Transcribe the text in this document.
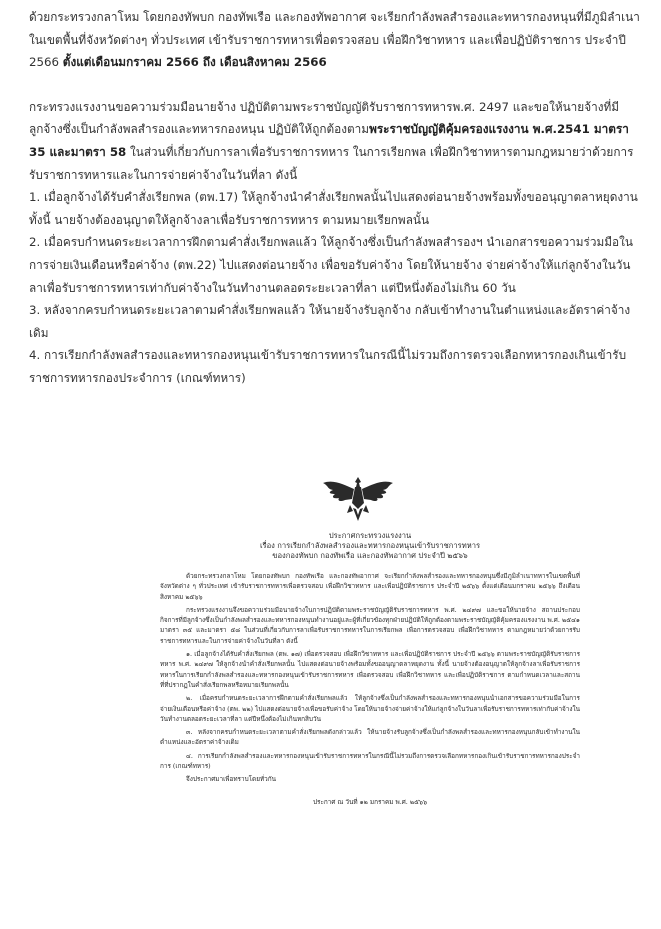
ด้วยกระทรวงกลาโหม โดยกองทัพบก กองทัพเรือ และกองทัพอากาศ จะเรียกกำลังพลสำรองและทหารกองหนุนที่มีภูมิลำเนาในเขตพื้นที่จังหวัดต่างๆ ทั่วประเทศ เข้ารับราชการทหารเพื่อตรวจสอบ เพื่อฝึกวิชาทหาร และเพื่อปฏิบัติราชการ ประจำปี 2566 ตั้งแต่เดือนมกราคม 2566 ถึง เดือนสิงหาคม 2566

กระทรวงแรงงานขอความร่วมมือนายจ้าง ปฏิบัติตามพระราชบัญญัติรับราชการทหารพ.ศ. 2497 และขอให้นายจ้างที่มีลูกจ้างซึ่งเป็นกำลังพลสำรองและทหารกองหนุน ปฏิบัติให้ถูกต้องตามพระราชบัญญัติคุ้มครองแรงงาน พ.ศ.2541 มาตรา 35 และมาตรา 58 ในส่วนที่เกี่ยวกับการลาเพื่อรับราชการทหาร ในการเรียกพล เพื่อฝึกวิชาทหารตามกฎหมายว่าด้วยการรับราชการทหารและในการจ่ายค่าจ้างในวันที่ลา ดังนี้

1. เมื่อลูกจ้างได้รับคำสั่งเรียกพล (ตพ.17) ให้ลูกจ้างนำคำสั่งเรียกพลนั้นไปแสดงต่อนายจ้างพร้อมทั้งขออนุญาตลาหยุดงาน ทั้งนี้ นายจ้างต้องอนุญาตให้ลูกจ้างลาเพื่อรับราชการทหาร ตามหมายเรียกพลนั้น

2. เมื่อครบกำหนดระยะเวลาการฝึกตามคำสั่งเรียกพลแล้ว ให้ลูกจ้างซึ่งเป็นกำลังพลสำรองฯ นำเอกสารขอความร่วมมือในการจ่ายเงินเดือนหรือค่าจ้าง (ตพ.22) ไปแสดงต่อนายจ้าง เพื่อขอรับค่าจ้าง โดยให้นายจ้าง จ่ายค่าจ้างให้แก่ลูกจ้างในวันลาเพื่อรับราชการทหารเท่ากับค่าจ้างในวันทำงานตลอดระยะเวลาที่ลา แต่ปีหนึ่งต้องไม่เกิน 60 วัน

3. หลังจากครบกำหนดระยะเวลาตามคำสั่งเรียกพลแล้ว ให้นายจ้างรับลูกจ้าง กลับเข้าทำงานในตำแหน่งและอัตราค่าจ้างเดิม

4. การเรียกกำลังพลสำรองและทหารกองหนุนเข้ารับราชการทหารในกรณีนี้ไม่รวมถึงการตรวจเลือกทหารกองเกินเข้ารับราชการทหารกองประจำการ (เกณฑ์ทหาร)

ประกาศกระทรวงแรงงาน
เรื่อง การเรียกกำลังพลสำรองและทหารกองหนุนเข้ารับราชการทหาร
ของกองทัพบก กองทัพเรือ และกองทัพอากาศ ประจำปี ๒๕๖๖

ด้วยกระทรวงกลาโหม โดยกองทัพบก กองทัพเรือ และกองทัพอากาศ จะเรียกกำลังพลสำรองและทหารกองหนุนซึ่งมีภูมิลำเนาทหารในเขตพื้นที่จังหวัดต่าง ๆ ทั่วประเทศ เข้ารับราชการทหารเพื่อตรวจสอบ เพื่อฝึกวิชาทหาร และเพื่อปฏิบัติราชการ ประจำปี ๒๕๖๖ ตั้งแต่เดือนมกราคม ๒๕๖๖ ถึงเดือนสิงหาคม ๒๕๖๖

กระทรวงแรงงานจึงขอความร่วมมือนายจ้างในการปฏิบัติตามพระราชบัญญัติรับราชการทหาร พ.ศ. ๒๔๙๗ และขอให้นายจ้าง สถานประกอบกิจการที่มีลูกจ้างซึ่งเป็นกำลังพลสำรองและทหารกองหนุนทำงานอยู่และผู้ที่เกี่ยวข้องทุกฝ่ายปฏิบัติให้ถูกต้องตามพระราชบัญญัติคุ้มครองแรงงาน พ.ศ. ๒๕๔๑ มาตรา ๓๕ และมาตรา ๕๘ ในส่วนที่เกี่ยวกับการลาเพื่อรับราชการทหารในการเรียกพล เพื่อการตรวจสอบ เพื่อฝึกวิชาทหาร ตามกฎหมายว่าด้วยการรับราชการทหารและในการจ่ายค่าจ้างในวันที่ลา ดังนี้

๑. เมื่อลูกจ้างได้รับคำสั่งเรียกพล (ตพ. ๑๗) เพื่อตรวจสอบ เพื่อฝึกวิชาทหาร และเพื่อปฏิบัติราชการ ประจำปี ๒๕๖๖ ตามพระราชบัญญัติรับราชการทหาร พ.ศ. ๒๔๙๗ ให้ลูกจ้างนำคำสั่งเรียกพลนั้น ไปแสดงต่อนายจ้างพร้อมทั้งขออนุญาตลาหยุดงาน ทั้งนี้ นายจ้างต้องอนุญาตให้ลูกจ้างลาเพื่อรับราชการทหารในการเรียกกำลังพลสำรองและทหารกองหนุนเข้ารับราชการทหาร เพื่อตรวจสอบ เพื่อฝึกวิชาทหาร และเพื่อปฏิบัติราชการ ตามกำหนดเวลาและสถานที่ที่ปรากฏในคำสั่งเรียกพลหรือหมายเรียกพลนั้น

๒. เมื่อครบกำหนดระยะเวลาการฝึกตามคำสั่งเรียกพลแล้ว ให้ลูกจ้างซึ่งเป็นกำลังพลสำรองและทหารกองหนุนนำเอกสารขอความร่วมมือในการจ่ายเงินเดือนหรือค่าจ้าง (ตพ. ๒๒) ไปแสดงต่อนายจ้างเพื่อขอรับค่าจ้าง โดยให้นายจ้างจ่ายค่าจ้างให้แก่ลูกจ้างในวันลาเพื่อรับราชการทหารเท่ากับค่าจ้างในวันทำงานตลอดระยะเวลาที่ลา แต่ปีหนึ่งต้องไม่เกินหกสิบวัน

๓. หลังจากครบกำหนดระยะเวลาตามคำสั่งเรียกพลดังกล่าวแล้ว ให้นายจ้างรับลูกจ้างซึ่งเป็นกำลังพลสำรองและทหารกองหนุนกลับเข้าทำงานในตำแหน่งและอัตราค่าจ้างเดิม

๔. การเรียกกำลังพลสำรองและทหารกองหนุนเข้ารับราชการทหารในกรณีนี้ไม่รวมถึงการตรวจเลือกทหารกองเกินเข้ารับราชการทหารกองประจำการ (เกณฑ์ทหาร)

จึงประกาศมาเพื่อทราบโดยทั่วกัน

ประกาศ ณ วันที่ ๑๒ มกราคม พ.ศ. ๒๕๖๖
